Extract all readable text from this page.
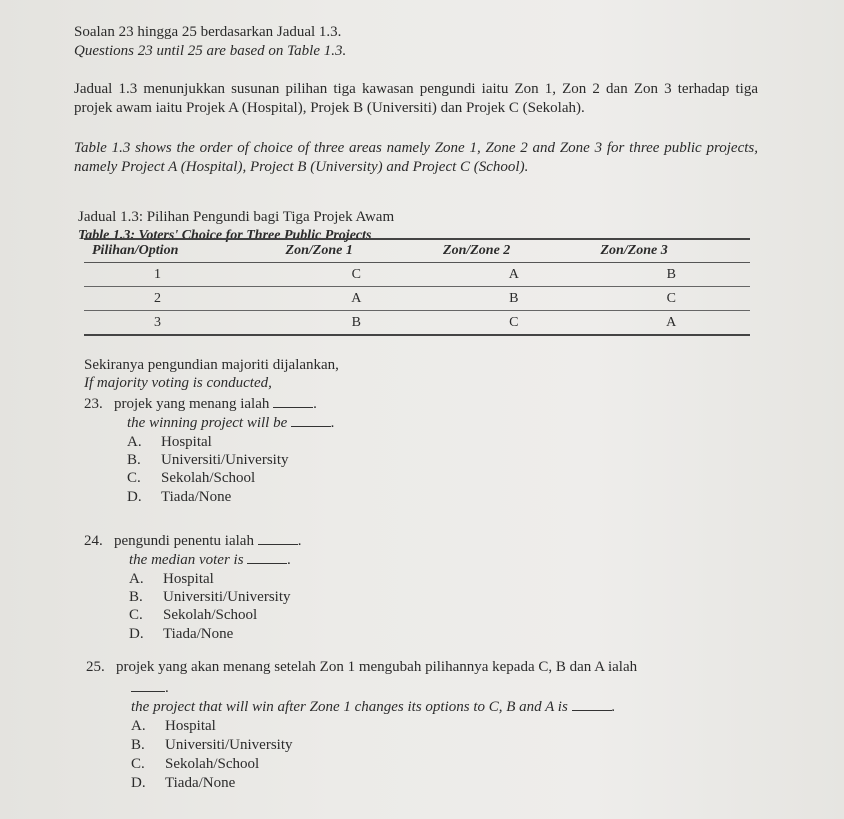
Soalan 23 hingga 25 berdasarkan Jadual 1.3.
Questions 23 until 25 are based on Table 1.3.
Jadual 1.3 menunjukkan susunan pilihan tiga kawasan pengundi iaitu Zon 1, Zon 2 dan Zon 3 terhadap tiga projek awam iaitu Projek A (Hospital), Projek B (Universiti) dan Projek C (Sekolah).
Table 1.3 shows the order of choice of three areas namely Zone 1, Zone 2 and Zone 3 for three public projects, namely Project A (Hospital), Project B (University) and Project C (School).
Jadual 1.3: Pilihan Pengundi bagi Tiga Projek Awam
Table 1.3: Voters' Choice for Three Public Projects
Pilihan/Option	Zon/Zone 1	Zon/Zone 2	Zon/Zone 3
1	C	A	B
2	A	B	C
3	B	C	A
Sekiranya pengundian majoriti dijalankan,
If majority voting is conducted,
23. projek yang menang ialah	.
the winning project will be	.
A. Hospital
B. Universiti/University
C. Sekolah/School
D. Tiada/None
24. pengundi penentu ialah	.
the median voter is	.
A. Hospital
B. Universiti/University
C. Sekolah/School
D. Tiada/None
25. projek yang akan menang setelah Zon 1 mengubah pilihannya kepada C, B dan A ialah
.
the project that will win after Zone 1 changes its options to C, B and A is	.
A. Hospital
B. Universiti/University
C. Sekolah/School
D. Tiada/None
